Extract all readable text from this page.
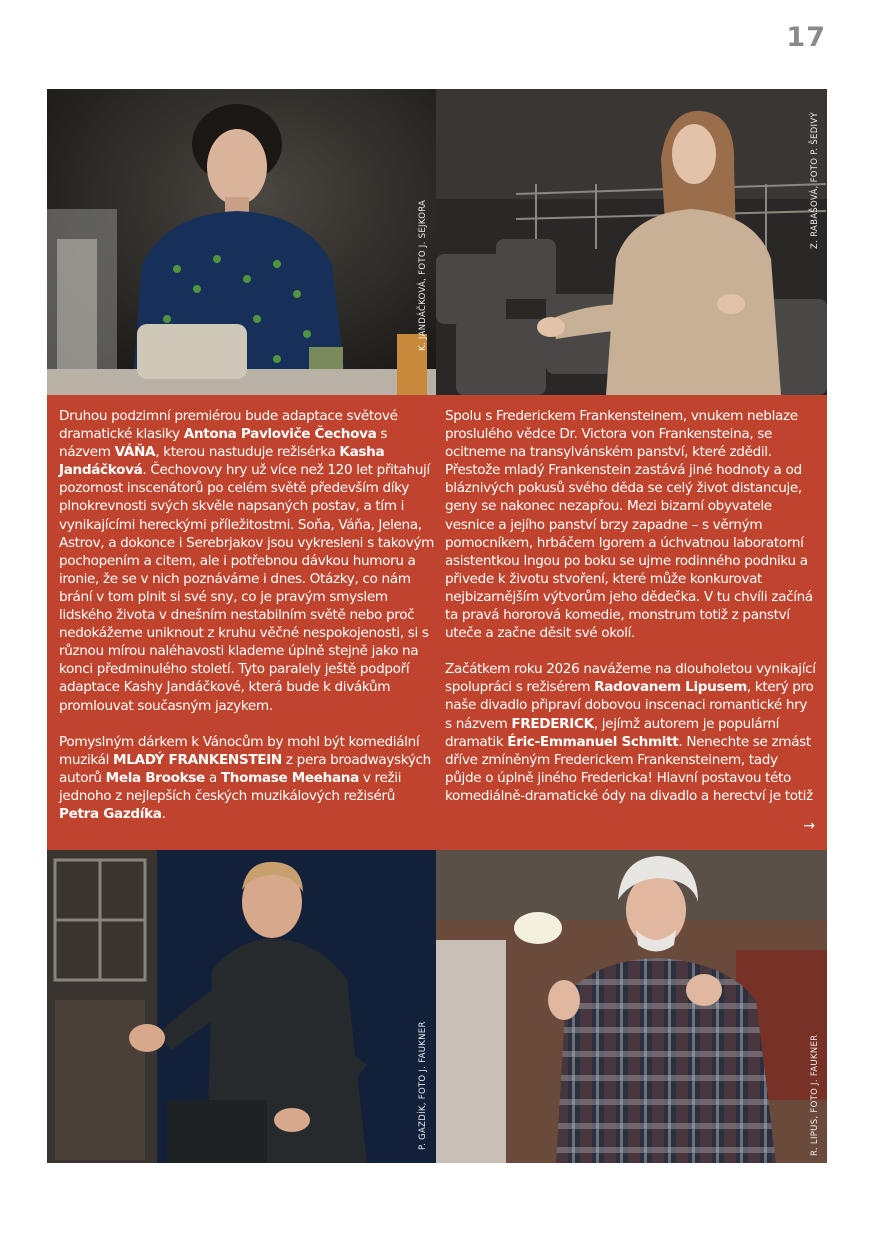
17
K. JANDÁČKOVÁ, FOTO J. SEJKORA
Z. RABAŠOVÁ, FOTO P. ŠEDIVÝ

Druhou podzimní premiérou bude adaptace světové dramatické klasiky Antona Pavloviče Čechova s názvem VÁŇA, kterou nastuduje režisérka Kasha Jandáčková. Čechovovy hry už více než 120 let přitahují pozornost inscenátorů po celém světě především díky plnokrevnosti svých skvěle napsaných postav, a tím i vynikajícími hereckými příležitostmi. Soňa, Váňa, Jelena, Astrov, a dokonce i Serebrjakov jsou vykresleni s takovým pochopením a citem, ale i potřebnou dávkou humoru a ironie, že se v nich poznáváme i dnes. Otázky, co nám brání v tom plnit si své sny, co je pravým smyslem lidského života v dnešním nestabilním světě nebo proč nedokážeme uniknout z kruhu věčné nespokojenosti, si s různou mírou naléhavosti klademe úplně stejně jako na konci předminulého století. Tyto paralely ještě podpoří adaptace Kashy Jandáčkové, která bude k divákům promlouvat současným jazykem.

Pomyslným dárkem k Vánocům by mohl být komediální muzikál MLADÝ FRANKENSTEIN z pera broadwayských autorů Mela Brookse a Thomase Meehana v režii jednoho z nejlepších českých muzikálových režisérů Petra Gazdíka.

Spolu s Frederickem Frankensteinem, vnukem neblaze proslulého vědce Dr. Victora von Frankensteina, se ocitneme na transylvánském panství, které zdědil. Přestože mladý Frankenstein zastává jiné hodnoty a od bláznivých pokusů svého děda se celý život distancuje, geny se nakonec nezapřou. Mezi bizarní obyvatele vesnice a jejího panství brzy zapadne – s věrným pomocníkem, hrbáčem Igorem a úchvatnou laboratorní asistentkou Ingou po boku se ujme rodinného podniku a přivede k životu stvoření, které může konkurovat nejbizarnějším výtvorům jeho dědečka. V tu chvíli začíná ta pravá hororová komedie, monstrum totiž z panství uteče a začne děsit své okolí.

Začátkem roku 2026 navážeme na dlouholetou vynikající spolupráci s režisérem Radovanem Lipusem, který pro naše divadlo připraví dobovou inscenaci romantické hry s názvem FREDERICK, jejímž autorem je populární dramatik Éric-Emmanuel Schmitt. Nenechte se zmást dříve zmíněným Frederickem Frankensteinem, tady půjde o úplně jiného Fredericka! Hlavní postavou této komediálně-dramatické ódy na divadlo a herectví je totiž

→
P. GAZDÍK, FOTO J. FAUKNER	R. LIPUS, FOTO J. FAUKNER
